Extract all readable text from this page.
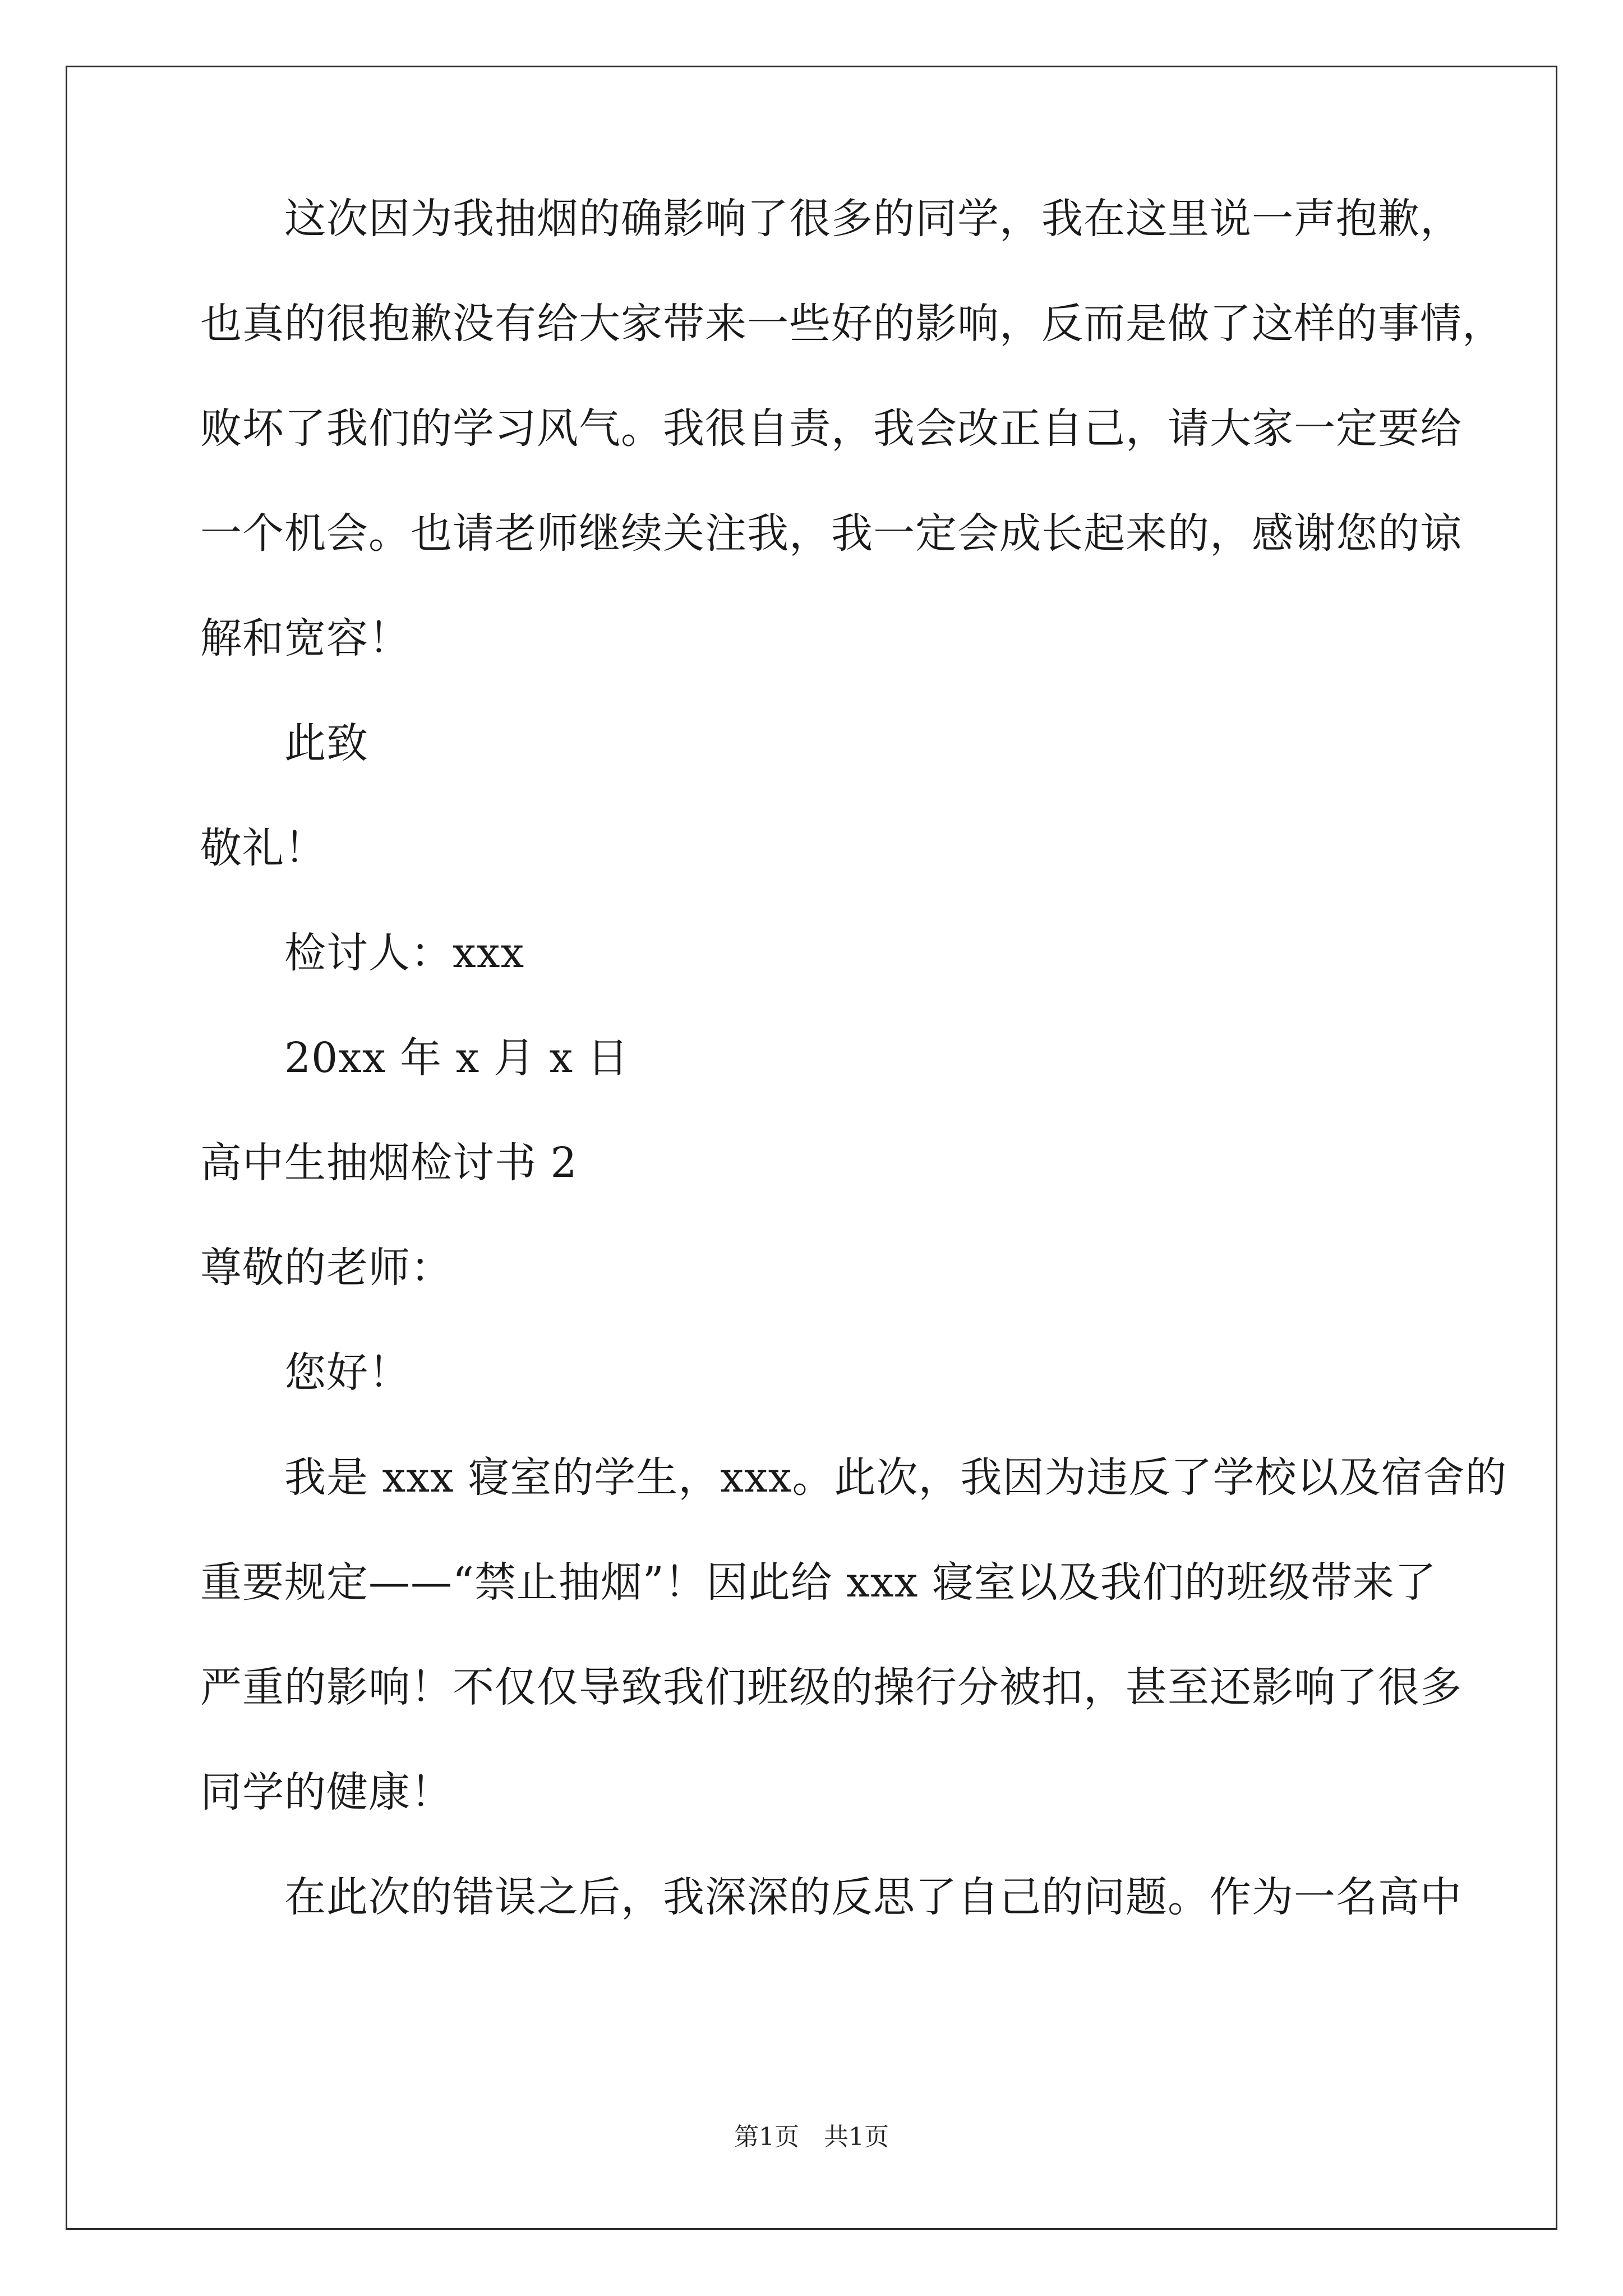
这次因为我抽烟的确影响了很多的同学，我在这里说一声抱歉，
也真的很抱歉没有给大家带来一些好的影响，反而是做了这样的事情，
败坏了我们的学习风气。我很自责，我会改正自己，请大家一定要给
一个机会。也请老师继续关注我，我一定会成长起来的，感谢您的谅
解和宽容！
此致
敬礼！
检讨人：xxx
20xx 年 x 月 x 日
高中生抽烟检讨书 2
尊敬的老师：
您好！
我是 xxx 寝室的学生，xxx。此次，我因为违反了学校以及宿舍的
重要规定——“禁止抽烟”！因此给 xxx 寝室以及我们的班级带来了
严重的影响！不仅仅导致我们班级的操行分被扣，甚至还影响了很多
同学的健康！
在此次的错误之后，我深深的反思了自己的问题。作为一名高中
第1页 共1页
